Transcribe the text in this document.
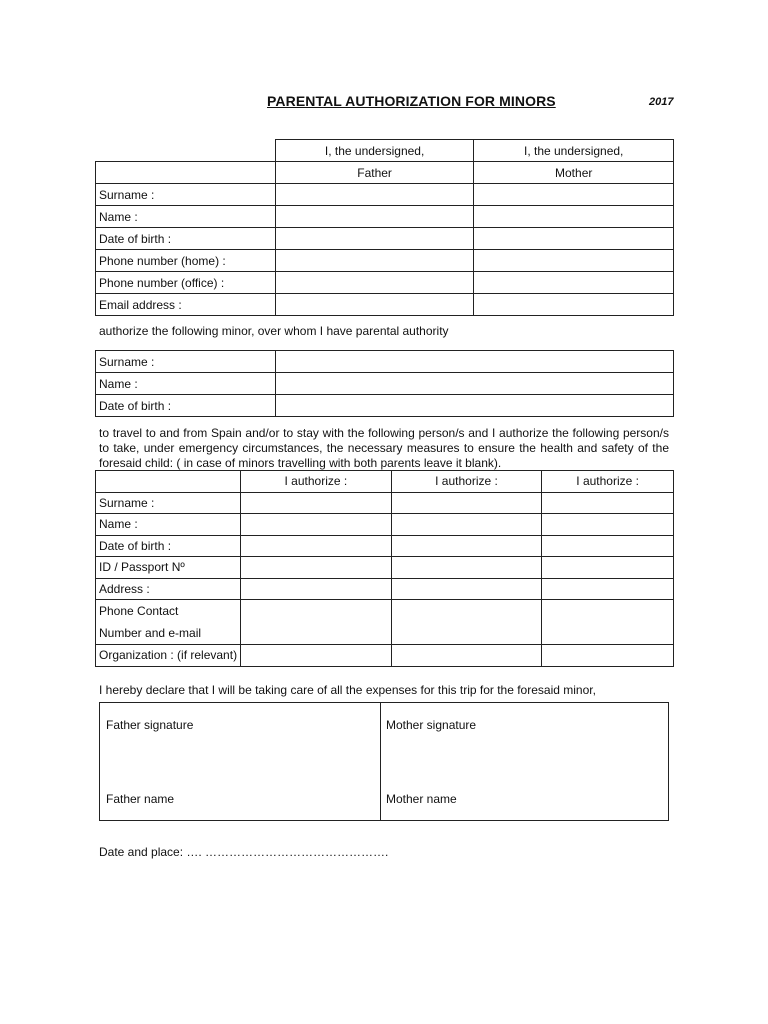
PARENTAL AUTHORIZATION FOR MINORS	2017
	I, the undersigned,	I, the undersigned,
	Father	Mother
Surname :		
Name :		
Date of birth :		
Phone number (home) :		
Phone number (office) :		
Email address :		
authorize the following minor, over whom I have parental authority
Surname :	
Name :	
Date of birth :	
to travel to and from Spain and/or to stay with the following person/s and I authorize the following person/s to take, under emergency circumstances, the necessary measures to ensure the health and safety of the foresaid child: ( in case of minors travelling with both parents leave it blank).
	I authorize :	I authorize :	I authorize :
Surname :			
Name :			
Date of birth :			
ID / Passport Nº			
Address :			

Phone Contact
Number and e-mail			

Organization : (if relevant)			
I hereby declare that I will be taking care of all the expenses for this trip for the foresaid minor,
Father signature	Mother signature
Father name	Mother name
Date and place: …. ……………………………………….
